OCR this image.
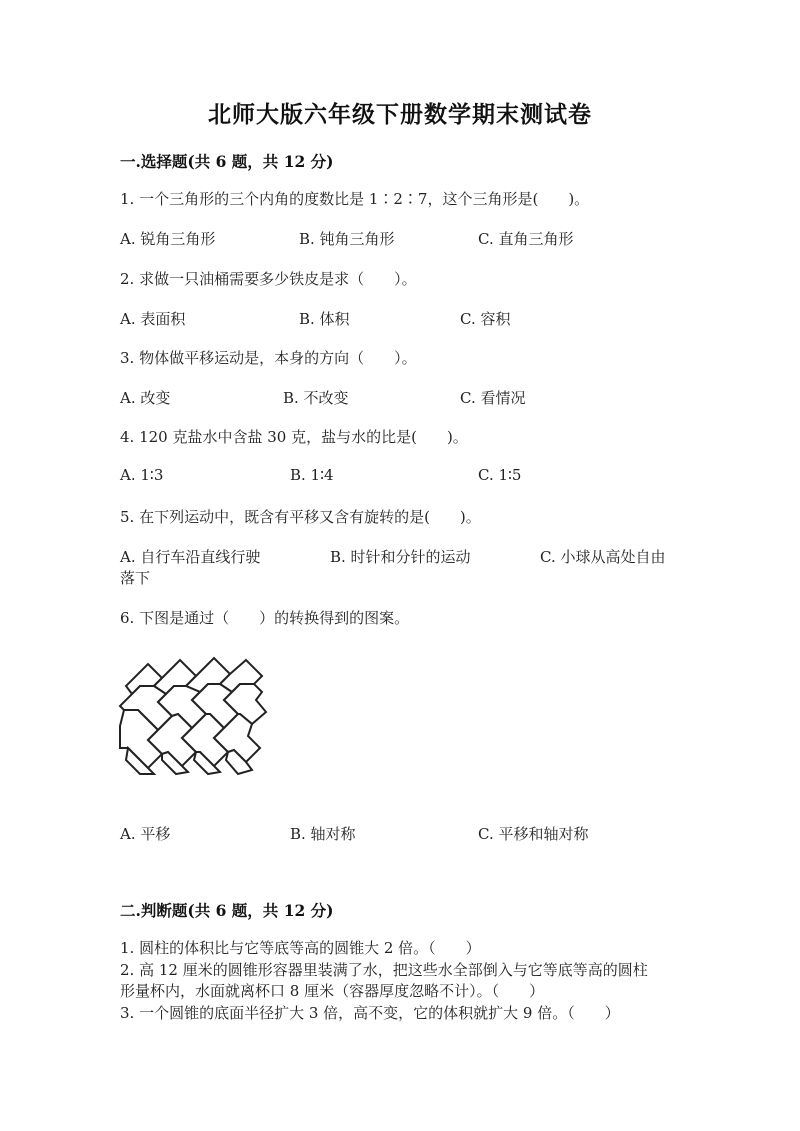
北师大版六年级下册数学期末测试卷
一.选择题(共 6 题，共 12 分)
1. 一个三角形的三个内角的度数比是 1∶2∶7，这个三角形是(　　)。
A. 锐角三角形	B. 钝角三角形	C. 直角三角形
2. 求做一只油桶需要多少铁皮是求（　　）。
A. 表面积	B. 体积	C. 容积
3. 物体做平移运动是，本身的方向（　　）。
A. 改变	B. 不改变	C. 看情况
4. 120 克盐水中含盐 30 克，盐与水的比是(　　)。
A. 1∶3	B. 1∶4	C. 1∶5
5. 在下列运动中，既含有平移又含有旋转的是(　　)。
A. 自行车沿直线行驶	B. 时针和分针的运动	C. 小球从高处自由
落下
6. 下图是通过（　　）的转换得到的图案。
A. 平移	B. 轴对称	C. 平移和轴对称
二.判断题(共 6 题，共 12 分)
1. 圆柱的体积比与它等底等高的圆锥大 2 倍。（　　）
2. 高 12 厘米的圆锥形容器里装满了水，把这些水全部倒入与它等底等高的圆柱
形量杯内，水面就离杯口 8 厘米（容器厚度忽略不计）。（　　）
3. 一个圆锥的底面半径扩大 3 倍，高不变，它的体积就扩大 9 倍。（　　）
